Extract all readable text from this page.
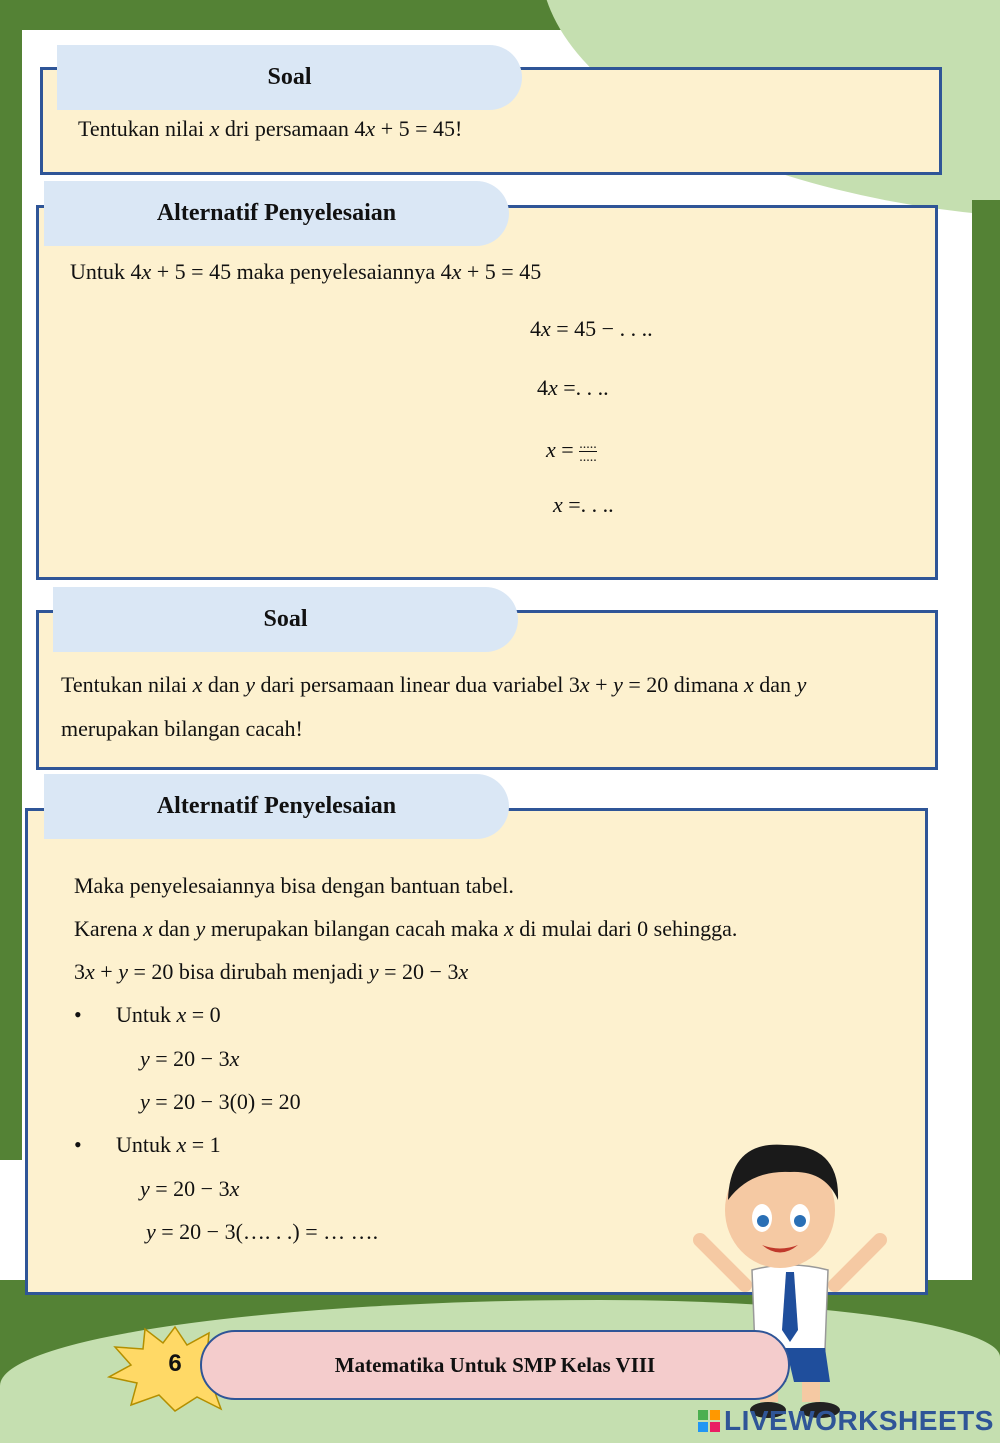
Soal
Tentukan nilai x dri persamaan 4x + 5 = 45!
Alternatif Penyelesaian
Untuk 4x + 5 = 45 maka penyelesaiannya 4x + 5 = 45
4x = 45 − . . ..
4x =. . ..
$x = \frac{.....}{.....}$
x =. . ..
Soal
Tentukan nilai x dan y dari persamaan linear dua variabel 3x + y = 20 dimana x dan y
merupakan bilangan cacah!
Alternatif Penyelesaian
Maka penyelesaiannya bisa dengan bantuan tabel.
Karena x dan y merupakan bilangan cacah maka x di mulai dari 0 sehingga.
3x + y = 20 bisa dirubah menjadi y = 20 − 3x
• Untuk x = 0
y = 20 − 3x
y = 20 − 3(0) = 20
• Untuk x = 1
y = 20 − 3x
y = 20 − 3(…. . .) = … ….
6	Matematika Untuk SMP Kelas VIII
LIVEWORKSHEETS
